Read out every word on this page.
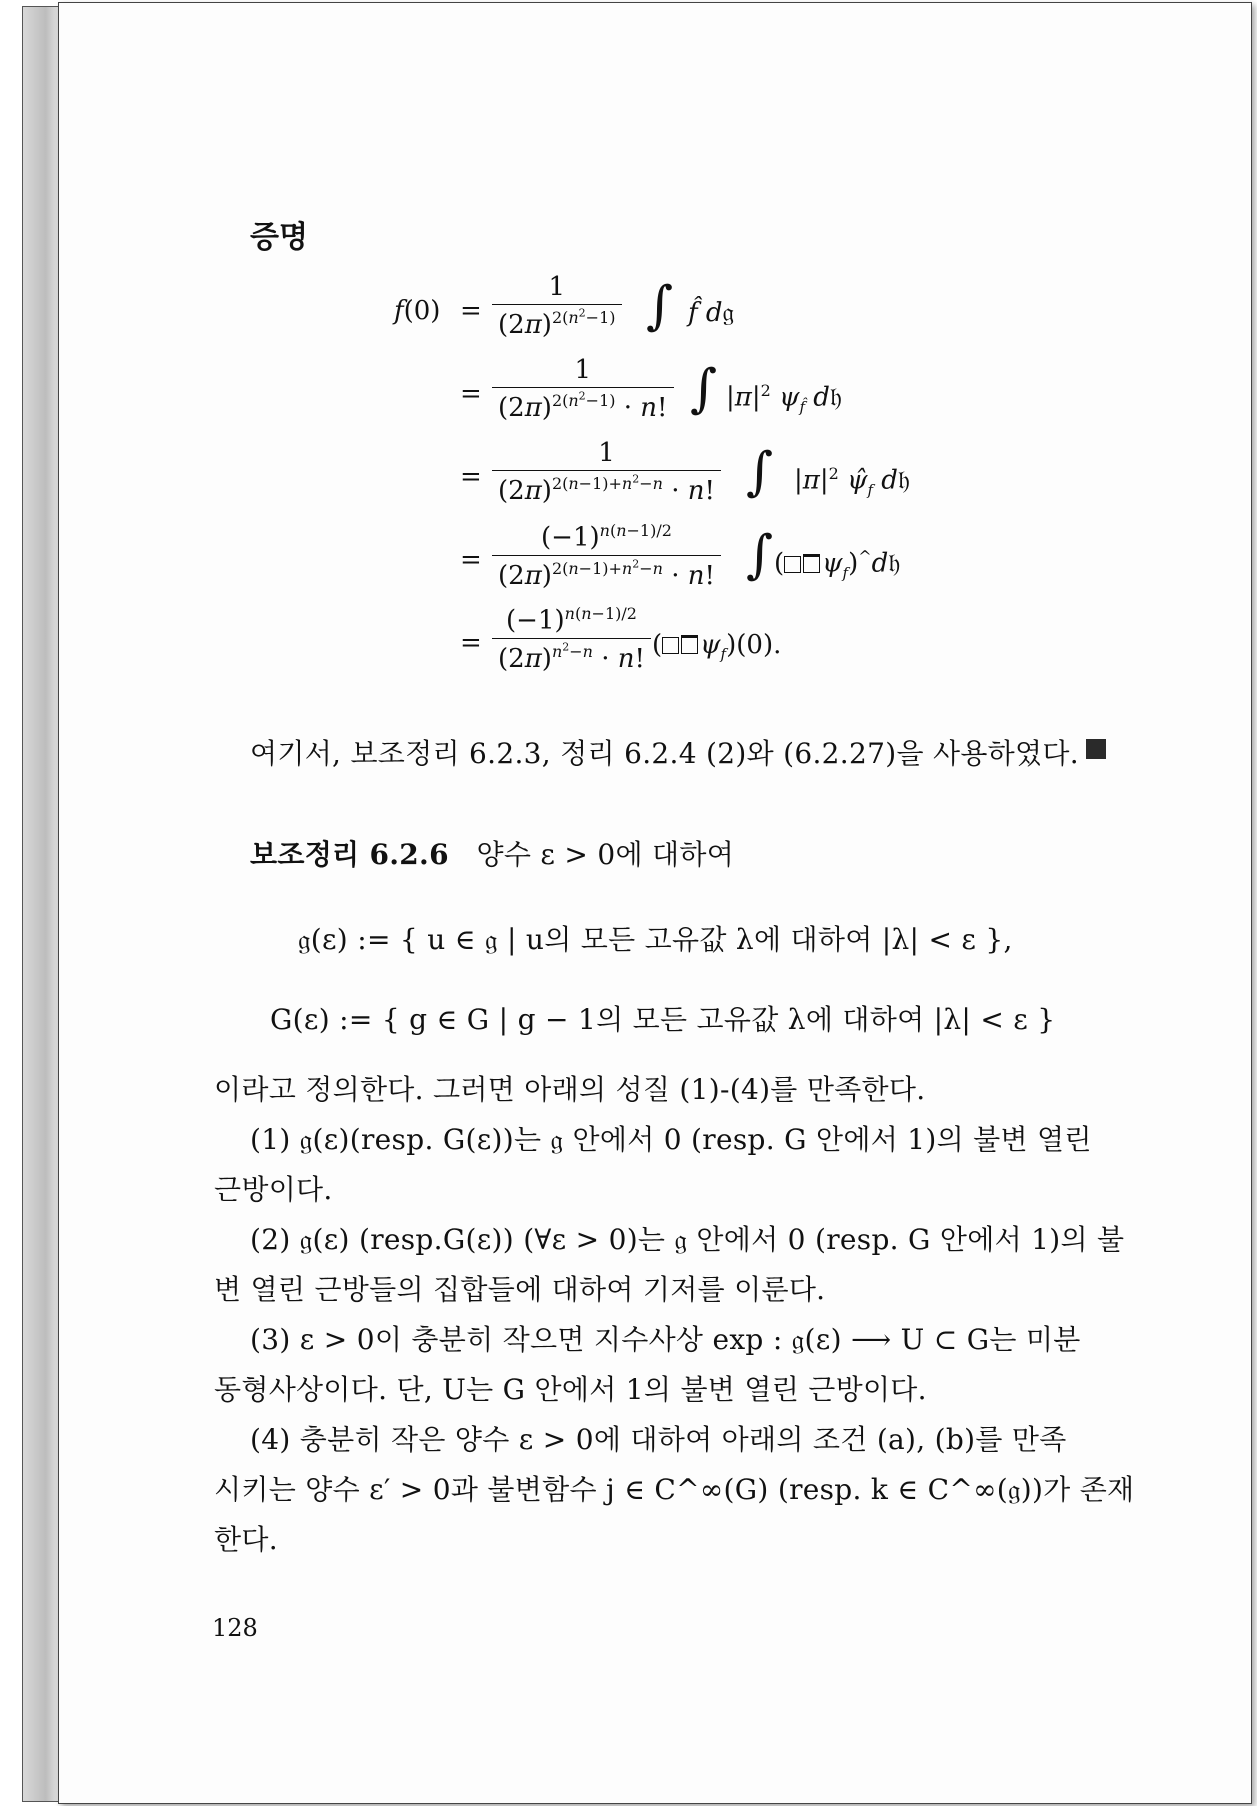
증명
$f(0) = \frac{1}{(2\pi)^{2(n^2-1)}}$ ∫ f̂ d𝔤
= $\frac{1}{(2\pi)^{2(n^2-1)} \cdot n!}$ ∫ $|\pi|^2$ $\psi_{f̂}$ d𝔥
= $\frac{1}{(2\pi)^{2(n-1)+n^2-n} \cdot n!}$ ∫ $|\pi|^2$ $\psî_f$ d𝔥
= $\frac{(-1)^{n(n-1)/2}}{(2\pi)^{2(n-1)+n^2-n} \cdot n!}$ ∫ ( $\psi_f)^{\^{}}d𝔥$
= $\frac{(-1)^{n(n-1)/2}}{(2\pi)^{n^2-n} \cdot n!}$ ( $\psi_f)(0)$.
여기서, 보조정리 6.2.3, 정리 6.2.4 (2)와 (6.2.27)을 사용하였다.
보조정리 6.2.6 양수 ε > 0에 대하여
𝔤(ε) := { u ∈ 𝔤 | u의 모든 고유값 λ에 대하여 |λ| < ε },
G(ε) := { g ∈ G | g − 1의 모든 고유값 λ에 대하여 |λ| < ε }
이라고 정의한다. 그러면 아래의 성질 (1)-(4)를 만족한다.
(1) 𝔤(ε)(resp. G(ε))는 𝔤 안에서 0 (resp. G 안에서 1)의 불변 열린
근방이다.
(2) 𝔤(ε) (resp.G(ε)) (∀ε > 0)는 𝔤 안에서 0 (resp. G 안에서 1)의 불
변 열린 근방들의 집합들에 대하여 기저를 이룬다.
(3) ε > 0이 충분히 작으면 지수사상 exp : 𝔤(ε) ⟶ U ⊂ G는 미분
동형사상이다. 단, U는 G 안에서 1의 불변 열린 근방이다.
(4) 충분히 작은 양수 ε > 0에 대하여 아래의 조건 (a), (b)를 만족
시키는 양수 ε′ > 0과 불변함수 j ∈ C^∞(G) (resp. k ∈ C^∞(𝔤))가 존재
한다.
128
